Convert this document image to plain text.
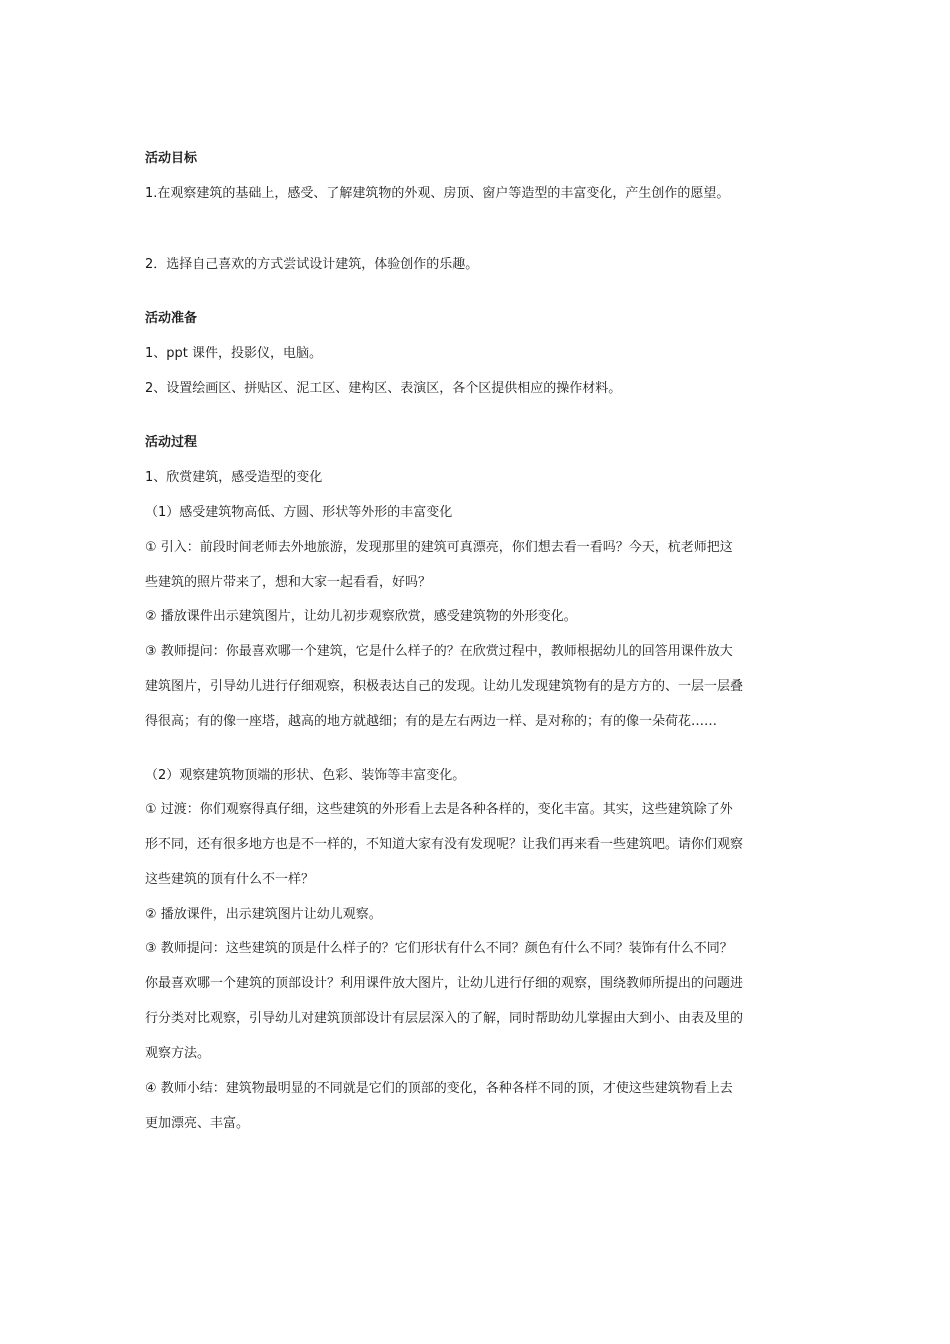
活动目标
1.在观察建筑的基础上，感受、了解建筑物的外观、房顶、窗户等造型的丰富变化，产生创作的愿望。
2．选择自己喜欢的方式尝试设计建筑，体验创作的乐趣。
活动准备
1、ppt 课件，投影仪，电脑。
2、设置绘画区、拼贴区、泥工区、建构区、表演区，各个区提供相应的操作材料。
活动过程
1、欣赏建筑，感受造型的变化
（1）感受建筑物高低、方圆、形状等外形的丰富变化
① 引入：前段时间老师去外地旅游，发现那里的建筑可真漂亮，你们想去看一看吗？今天，杭老师把这
些建筑的照片带来了，想和大家一起看看，好吗？
② 播放课件出示建筑图片，让幼儿初步观察欣赏，感受建筑物的外形变化。
③ 教师提问：你最喜欢哪一个建筑，它是什么样子的？在欣赏过程中，教师根据幼儿的回答用课件放大
建筑图片，引导幼儿进行仔细观察，积极表达自己的发现。让幼儿发现建筑物有的是方方的、一层一层叠
得很高；有的像一座塔，越高的地方就越细；有的是左右两边一样、是对称的；有的像一朵荷花……
（2）观察建筑物顶端的形状、色彩、装饰等丰富变化。
① 过渡：你们观察得真仔细，这些建筑的外形看上去是各种各样的，变化丰富。其实，这些建筑除了外
形不同，还有很多地方也是不一样的，不知道大家有没有发现呢？让我们再来看一些建筑吧。请你们观察
这些建筑的顶有什么不一样？
② 播放课件，出示建筑图片让幼儿观察。
③ 教师提问：这些建筑的顶是什么样子的？它们形状有什么不同？颜色有什么不同？装饰有什么不同？
你最喜欢哪一个建筑的顶部设计？利用课件放大图片，让幼儿进行仔细的观察，围绕教师所提出的问题进
行分类对比观察，引导幼儿对建筑顶部设计有层层深入的了解，同时帮助幼儿掌握由大到小、由表及里的
观察方法。
④ 教师小结：建筑物最明显的不同就是它们的顶部的变化，各种各样不同的顶，才使这些建筑物看上去
更加漂亮、丰富。
